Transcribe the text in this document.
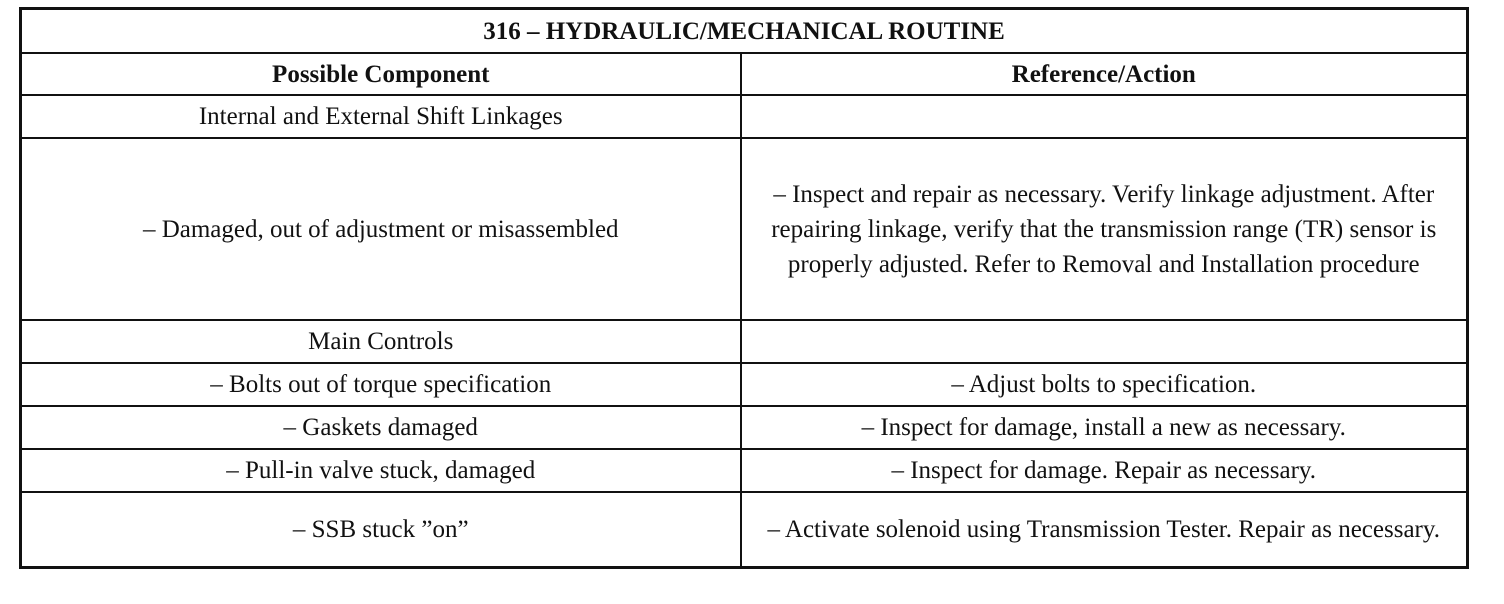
316 – HYDRAULIC/MECHANICAL ROUTINE	
Possible Component	Reference/Action
Internal and External Shift Linkages	
– Damaged, out of adjustment or misassembled	– Inspect and repair as necessary. Verify linkage adjustment. After repairing linkage, verify that the transmission range (TR) sensor is properly adjusted. Refer to Removal and Installation procedure
Main Controls	
– Bolts out of torque specification	– Adjust bolts to specification.
– Gaskets damaged	– Inspect for damage, install a new as necessary.
– Pull-in valve stuck, damaged	– Inspect for damage. Repair as necessary.
– SSB stuck ”on”	– Activate solenoid using Transmission Tester. Repair as necessary.
